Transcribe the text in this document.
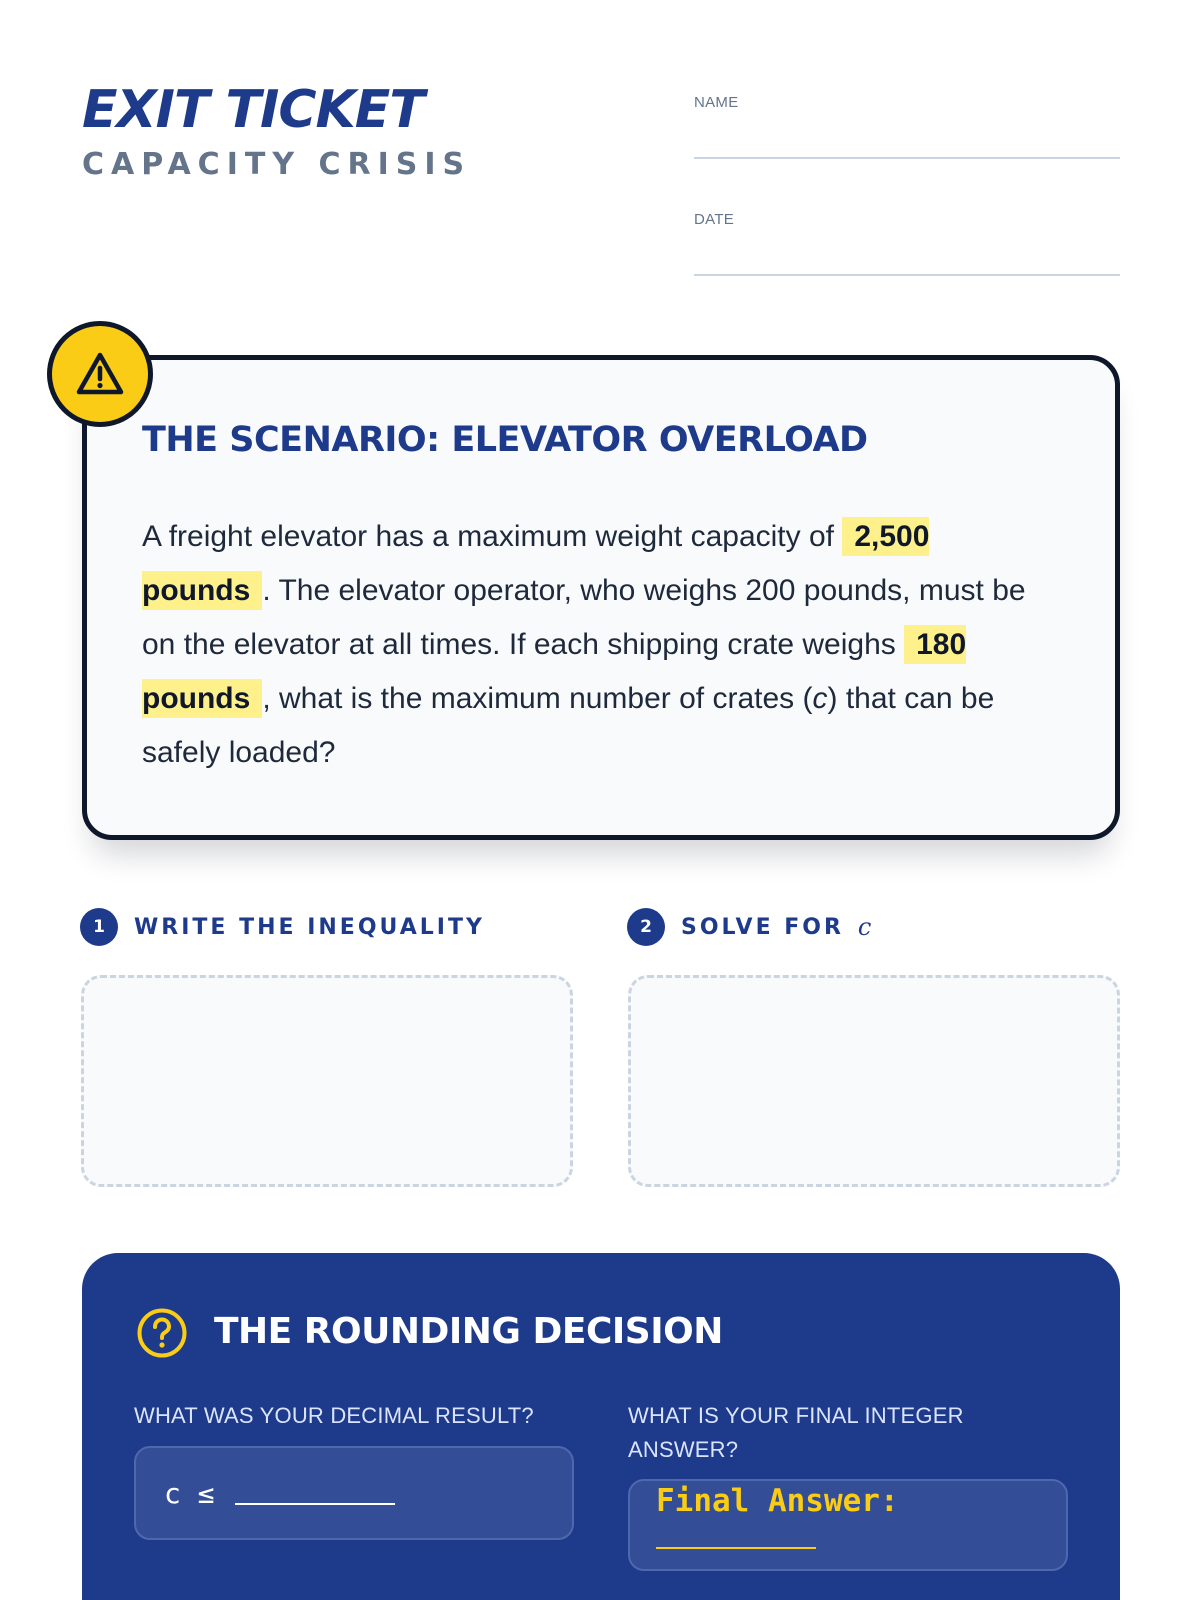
EXIT TICKET
CAPACITY CRISIS
NAME
DATE
THE SCENARIO: ELEVATOR OVERLOAD
A freight elevator has a maximum weight capacity of 2,500 pounds . The elevator operator, who weighs 200 pounds, must be on the elevator at all times. If each shipping crate weighs 180 pounds , what is the maximum number of crates (c) that can be safely loaded?
1	WRITE THE INEQUALITY	2	SOLVE FOR c
THE ROUNDING DECISION
WHAT WAS YOUR DECIMAL RESULT?
c ≤
WHAT IS YOUR FINAL INTEGER ANSWER?
Final Answer:
